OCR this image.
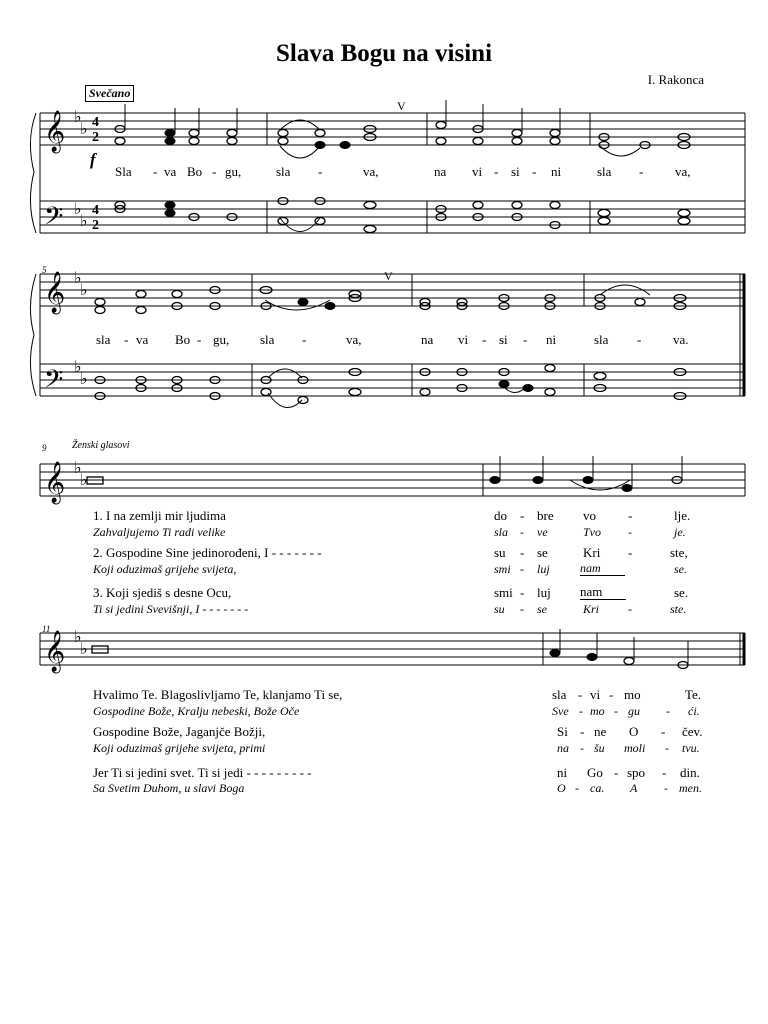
Slava Bogu na visini
I. Rakonca
Svečano
𝄞
𝄢
𝄞
𝄢
𝄞
𝄞
♭
♭
♭
♭
♭
♭
♭
♭
♭
♭
♭
♭
4
2
4
2
V
V
f
5
9
11
Ženski glasovi
Sla - va Bo - gu,	sla -	va,	na vi - si - ni	sla - va,
sla - va Bo - gu, sla -	va,	na vi - si - ni	sla - va.
1. I na zemlji mir ljudima
Zahvaljujemo Ti radi velike
2. Gospodine Sine jedinorođeni, I - - - - - - -
Koji oduzimaš grijehe svijeta,
3. Koji sjediš s desne Ocu,
Ti si jedini Svevišnji, I - - - - - - -
do - bre vo -	lje.
sla - ve	Tvo -	je.
su - se	Kri -	ste,
smi - luj	nam	se.
smi - luj nam	se.
su - se	Kri -	ste.
Hvalimo Te. Blagoslivljamo Te, klanjamo Ti se,
Gospodine Bože, Kralju nebeski, Bože Oče
Gospodine Bože, Jaganjče Božji,
Koji oduzimaš grijehe svijeta, primi
Jer Ti si jedini svet. Ti si jedi - - - - - - - - -
Sa Svetim Duhom, u slavi Boga
sla - vi - mo	Te.
Sve - mo - gu - ći.
Si - ne O - čev.
na - šu moli - tvu.
ni Go - spo - din.
O - ca. A - men.
